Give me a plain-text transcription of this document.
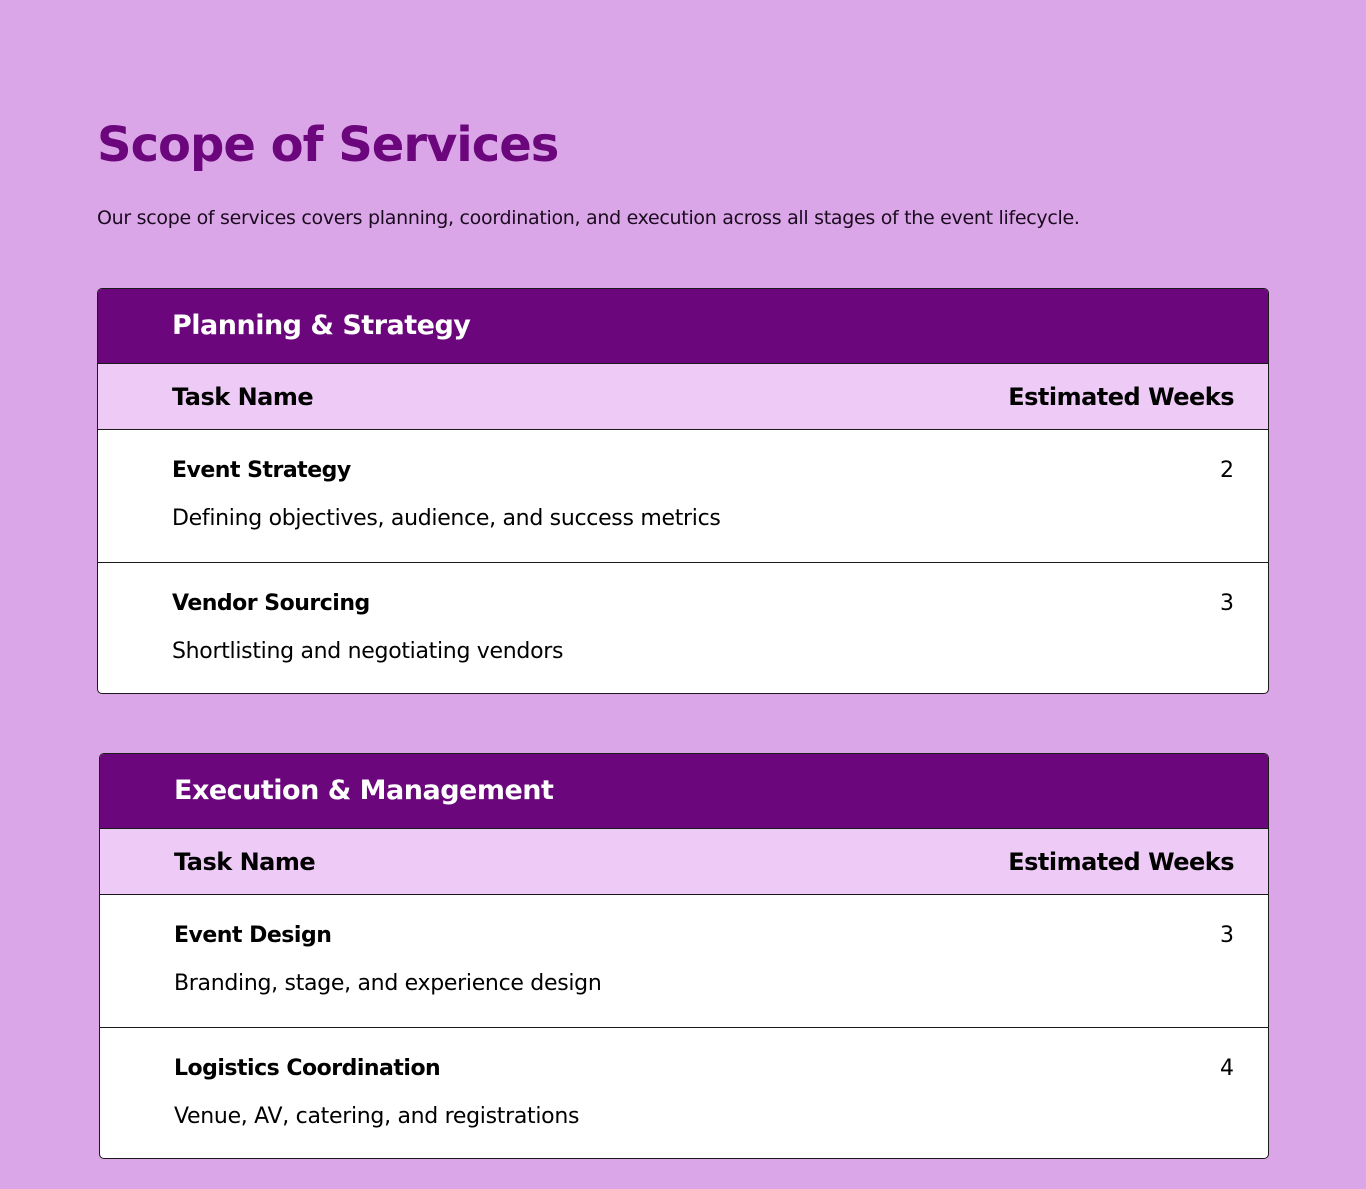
Scope of Services

Our scope of services covers planning, coordination, and execution across all stages of the event lifecycle.

Planning & Strategy
Task Name	Estimated Weeks
Event Strategy	2
Defining objectives, audience, and success metrics
Vendor Sourcing	3
Shortlisting and negotiating vendors
Execution & Management
Task Name	Estimated Weeks
Event Design	3
Branding, stage, and experience design
Logistics Coordination	4
Venue, AV, catering, and registrations
